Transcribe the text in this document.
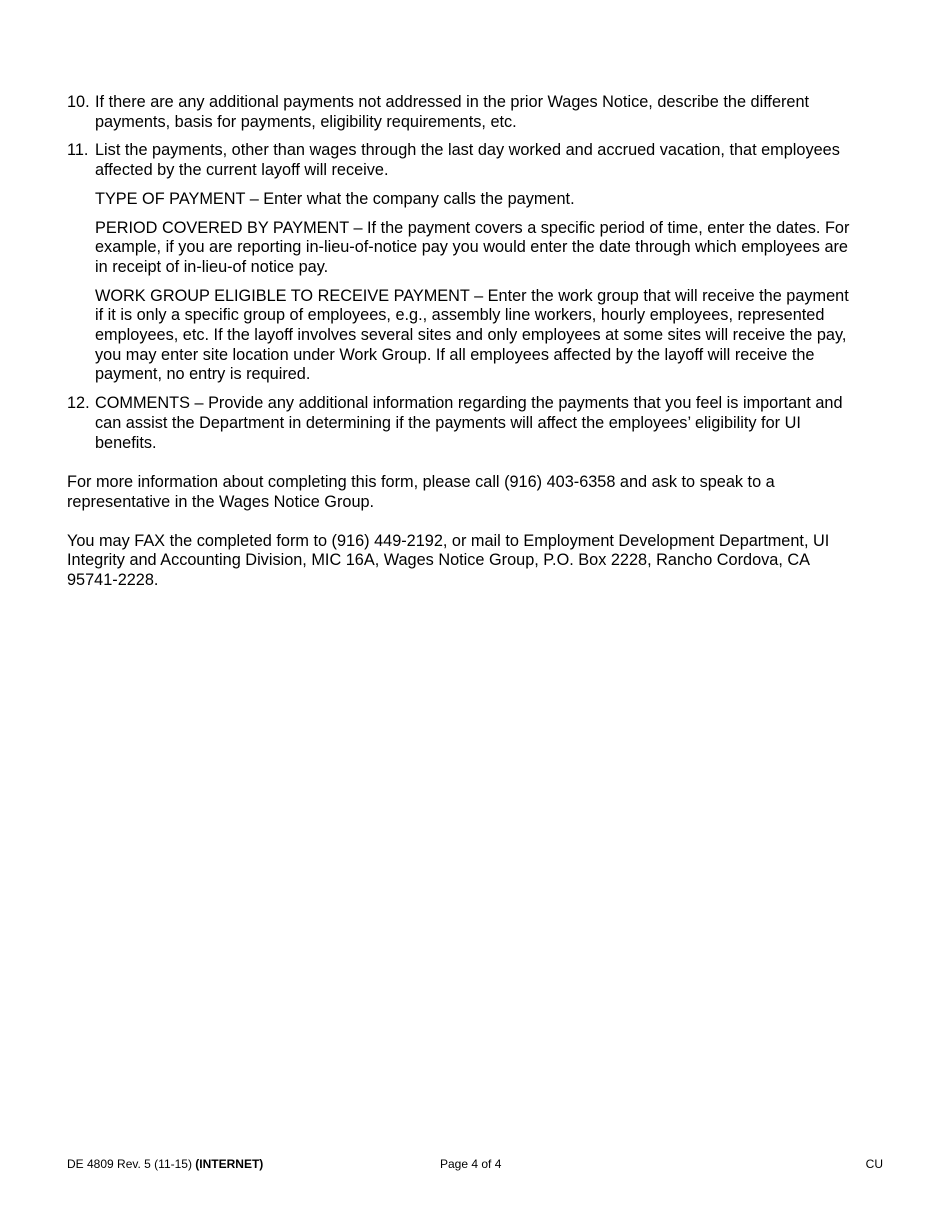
10. If there are any additional payments not addressed in the prior Wages Notice, describe the different payments, basis for payments, eligibility requirements, etc.

11. List the payments, other than wages through the last day worked and accrued vacation, that employees affected by the current layoff will receive.

TYPE OF PAYMENT – Enter what the company calls the payment.

PERIOD COVERED BY PAYMENT – If the payment covers a specific period of time, enter the dates. For example, if you are reporting in-lieu-of-notice pay you would enter the date through which employees are in receipt of in-lieu-of notice pay.

WORK GROUP ELIGIBLE TO RECEIVE PAYMENT – Enter the work group that will receive the payment if it is only a specific group of employees, e.g., assembly line workers, hourly employees, represented employees, etc. If the layoff involves several sites and only employees at some sites will receive the pay, you may enter site location under Work Group. If all employees affected by the layoff will receive the payment, no entry is required.

12. COMMENTS – Provide any additional information regarding the payments that you feel is important and can assist the Department in determining if the payments will affect the employees’ eligibility for UI benefits.

For more information about completing this form, please call (916) 403-6358 and ask to speak to a representative in the Wages Notice Group.

You may FAX the completed form to (916) 449-2192, or mail to Employment Development Department, UI Integrity and Accounting Division, MIC 16A, Wages Notice Group, P.O. Box 2228, Rancho Cordova, CA 95741-2228.

DE 4809 Rev. 5 (11-15) (INTERNET)	Page 4 of 4	CU
